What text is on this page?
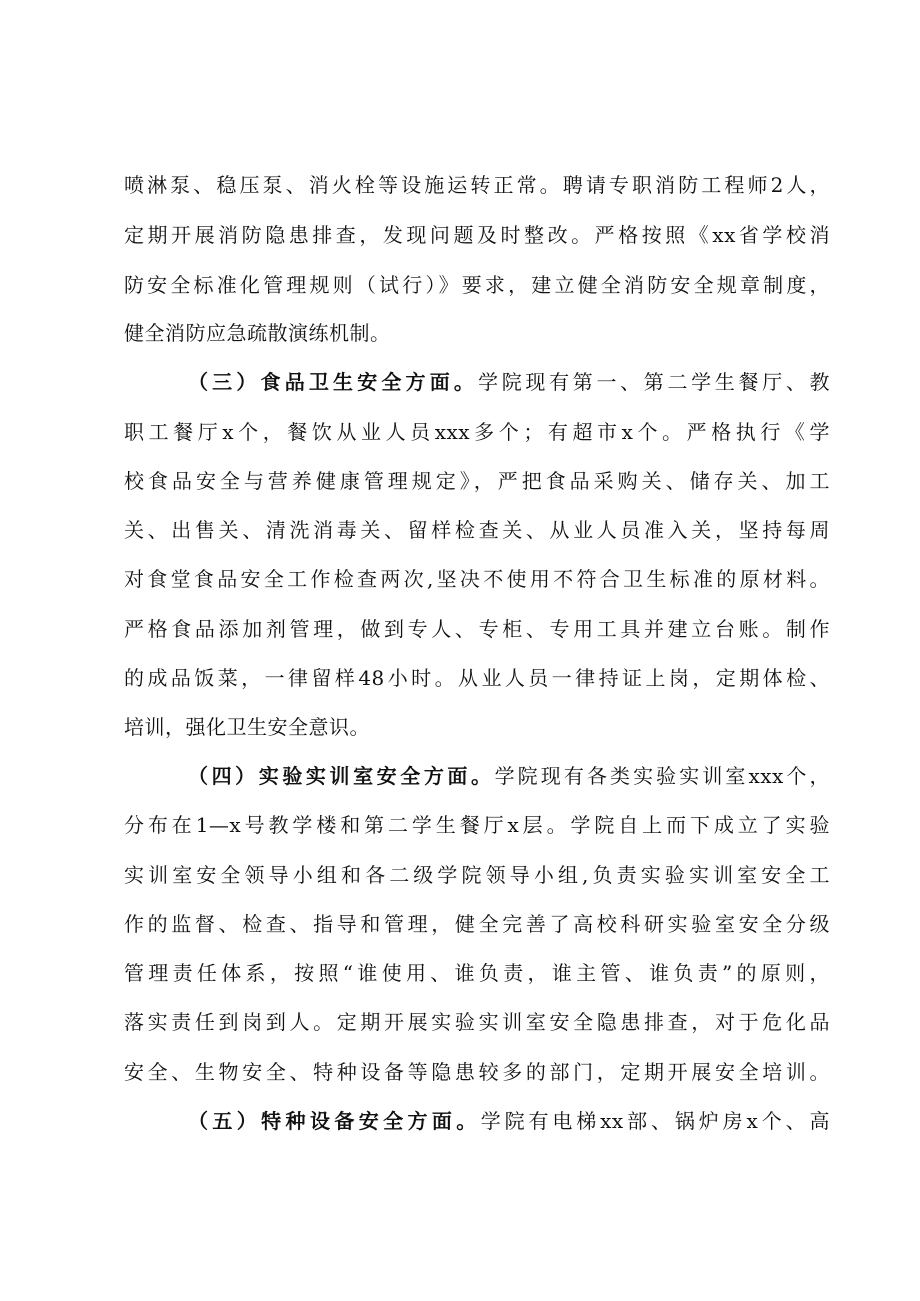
喷淋泵、稳压泵、消火栓等设施运转正常。聘请专职消防工程师2人，
定期开展消防隐患排查，发现问题及时整改。严格按照《xx省学校消
防安全标准化管理规则（试行）》要求，建立健全消防安全规章制度，
健全消防应急疏散演练机制。
（三）食品卫生安全方面。学院现有第一、第二学生餐厅、教
职工餐厅x个，餐饮从业人员xxx多个；有超市x个。严格执行《学
校食品安全与营养健康管理规定》，严把食品采购关、储存关、加工
关、出售关、清洗消毒关、留样检查关、从业人员准入关，坚持每周
对食堂食品安全工作检查两次,坚决不使用不符合卫生标准的原材料。
严格食品添加剂管理，做到专人、专柜、专用工具并建立台账。制作
的成品饭菜，一律留样48小时。从业人员一律持证上岗，定期体检、
培训，强化卫生安全意识。
（四）实验实训室安全方面。学院现有各类实验实训室xxx个，
分布在1—x号教学楼和第二学生餐厅x层。学院自上而下成立了实验
实训室安全领导小组和各二级学院领导小组,负责实验实训室安全工
作的监督、检查、指导和管理，健全完善了高校科研实验室安全分级
管理责任体系，按照“谁使用、谁负责，谁主管、谁负责”的原则，
落实责任到岗到人。定期开展实验实训室安全隐患排查，对于危化品
安全、生物安全、特种设备等隐患较多的部门，定期开展安全培训。
（五）特种设备安全方面。学院有电梯xx部、锅炉房x个、高
